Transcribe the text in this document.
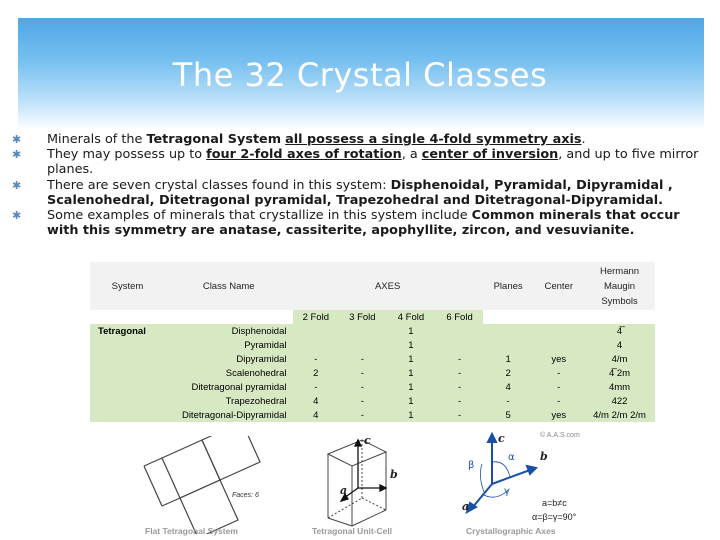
The 32 Crystal Classes
✱ Minerals of the Tetragonal System all possess a single 4-fold symmetry axis.
✱ They may possess up to four 2-fold axes of rotation, a center of inversion, and up to five mirror planes.
✱ There are seven crystal classes found in this system: Disphenoidal, Pyramidal, Dipyramidal , Scalenohedral, Ditetragonal pyramidal, Trapezohedral and Ditetragonal-Dipyramidal.
✱ Some examples of minerals that crystallize in this system include Common minerals that occur with this symmetry are anatase, cassiterite, apophyllite, zircon, and vesuvianite.
System	Class Name	AXES				Planes	Center	Hermann
Maugin
Symbols

		2 Fold	3 Fold	4 Fold	6 Fold			
Tetragonal	Disphenoidal			1				4̅
	Pyramidal			1				4
	Dipyramidal	-	-	1	-	1	yes	4/m
	Scalenohedral	2	-	1	-	2	-	4̅ 2m
	Ditetragonal pyramidal	-	-	1	-	4	-	4mm
	Trapezohedral	4	-	1	-	-	-	422
	Ditetragonal-Dipyramidal	4	-	1	-	5	yes	4/m 2/m 2/m
© A.A.S.com
Faces: 6
Flat Tetragonal System
c
b
a
Tetragonal Unit-Cell
c
b
a
α
β
γ
a=b≠c
α=β=γ=90°
Crystallographic Axes
